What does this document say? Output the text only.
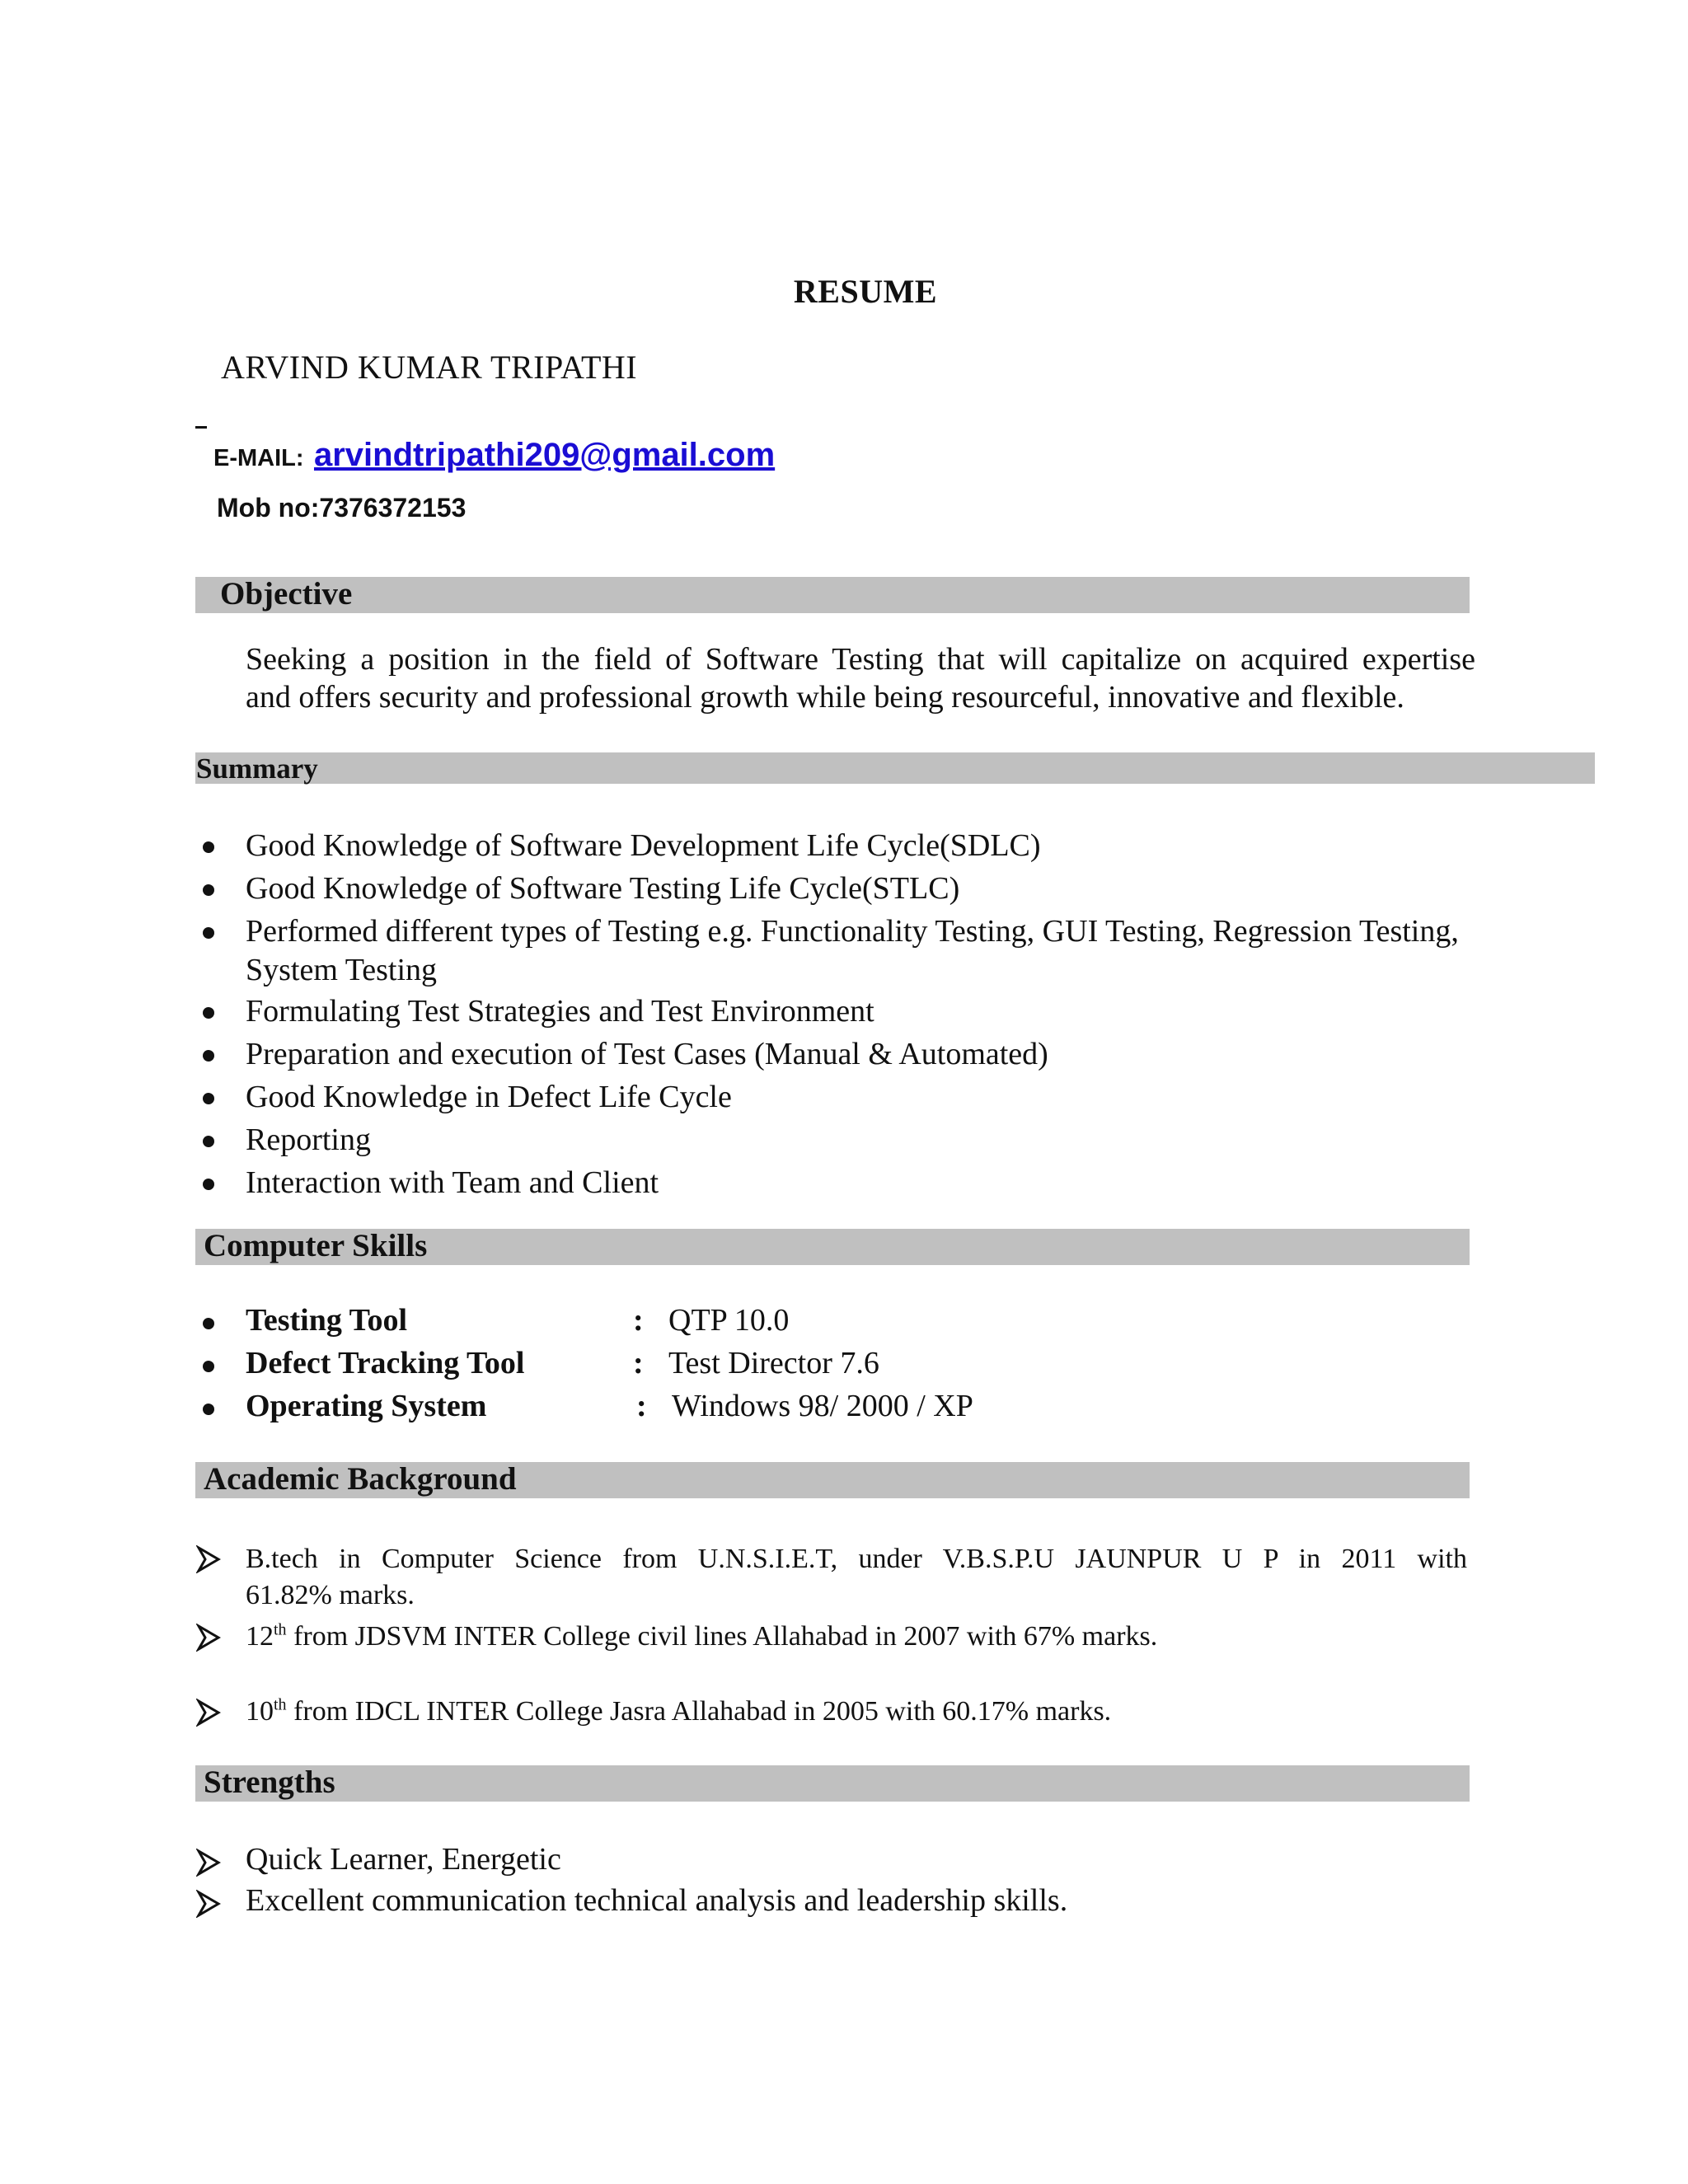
RESUME
ARVIND KUMAR TRIPATHI
E-MAIL: arvindtripathi209@gmail.com
Mob no:7376372153
Objective
Seeking a position in the field of Software Testing that will capitalize on acquired expertise
and offers security and professional growth while being resourceful, innovative and flexible.
Summary
Good Knowledge of Software Development Life Cycle(SDLC)
Good Knowledge of Software Testing Life Cycle(STLC)
Performed different types of Testing e.g. Functionality Testing, GUI Testing, Regression Testing,
System Testing
Formulating Test Strategies and Test Environment
Preparation and execution of Test Cases (Manual & Automated)
Good Knowledge in Defect Life Cycle
Reporting
Interaction with Team and Client
Computer Skills
Testing Tool	: QTP 10.0
Defect Tracking Tool	: Test Director 7.6
Operating System	: Windows 98/ 2000 / XP
Academic Background
B.tech in Computer Science from U.N.S.I.E.T, under V.B.S.P.U JAUNPUR U P in 2011 with
61.82% marks.
12th from JDSVM INTER College civil lines Allahabad in 2007 with 67% marks.
10th from IDCL INTER College Jasra Allahabad in 2005 with 60.17% marks.
Strengths
Quick Learner, Energetic
Excellent communication technical analysis and leadership skills.
